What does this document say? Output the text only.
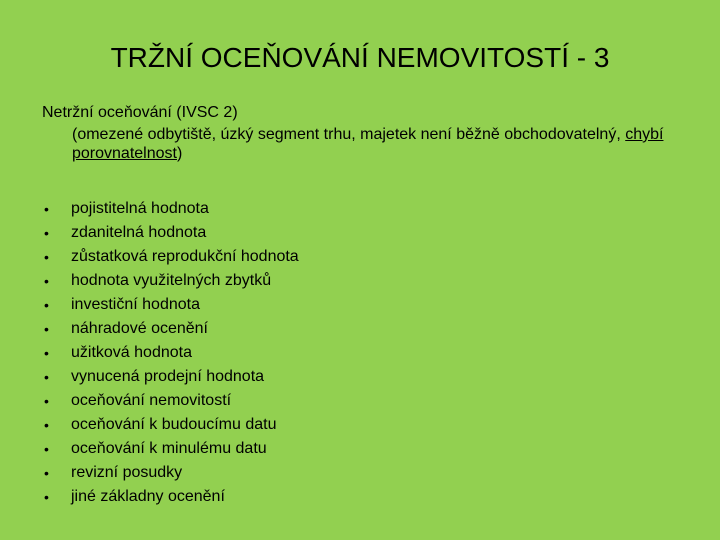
TRŽNÍ OCEŇOVÁNÍ NEMOVITOSTÍ - 3

Netržní oceňování (IVSC 2)

(omezené odbytiště, úzký segment trhu, majetek není běžně obchodovatelný, chybí porovnatelnost)

• pojistitelná hodnota
• zdanitelná hodnota
• zůstatková reprodukční hodnota
• hodnota využitelných zbytků
• investiční hodnota
• náhradové ocenění
• užitková hodnota
• vynucená prodejní hodnota
• oceňování nemovitostí
• oceňování k budoucímu datu
• oceňování k minulému datu
• revizní posudky
• jiné základny ocenění
